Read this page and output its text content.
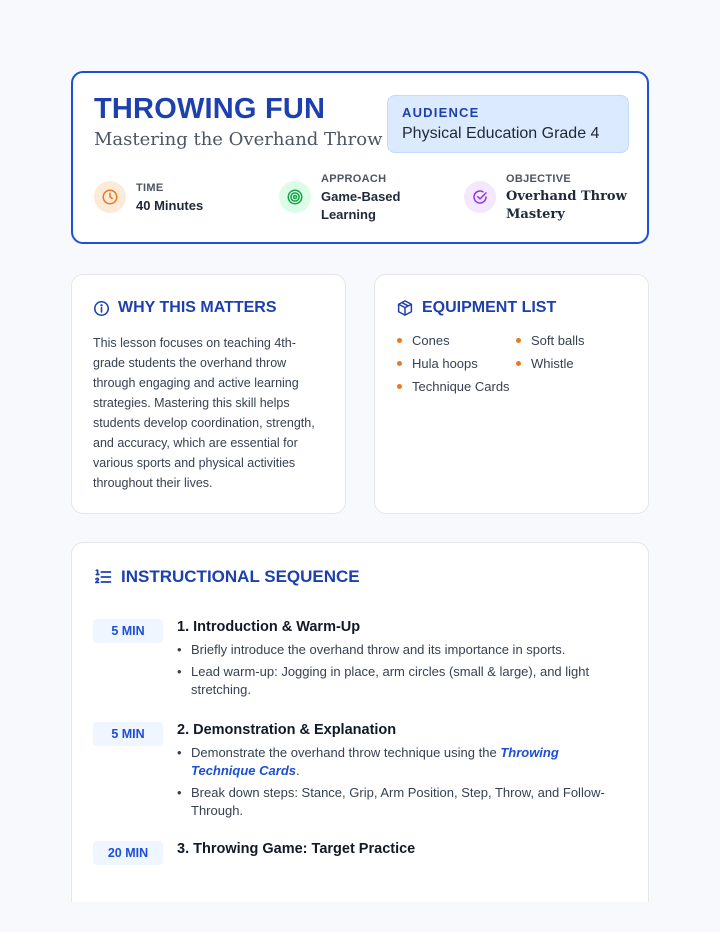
THROWING FUN
Mastering the Overhand Throw
AUDIENCE
Physical Education Grade 4
TIME
40 Minutes
APPROACH
Game-Based
Learning
OBJECTIVE
Overhand Throw
Mastery
WHY THIS MATTERS

This lesson focuses on teaching 4th-
grade students the overhand throw
through engaging and active learning
strategies. Mastering this skill helps
students develop coordination, strength,
and accuracy, which are essential for
various sports and physical activities
throughout their lives.

EQUIPMENT LIST
Cones	Soft balls
Hula hoops	Whistle
Technique Cards
INSTRUCTIONAL SEQUENCE
5 MIN	1. Introduction & Warm-Up
• Briefly introduce the overhand throw and its importance in sports.
• Lead warm-up: Jogging in place, arm circles (small & large), and light stretching.
5 MIN	2. Demonstration & Explanation
• Demonstrate the overhand throw technique using the Throwing Technique Cards.
• Break down steps: Stance, Grip, Arm Position, Step, Throw, and Follow-Through.
20 MIN	3. Throwing Game: Target Practice
